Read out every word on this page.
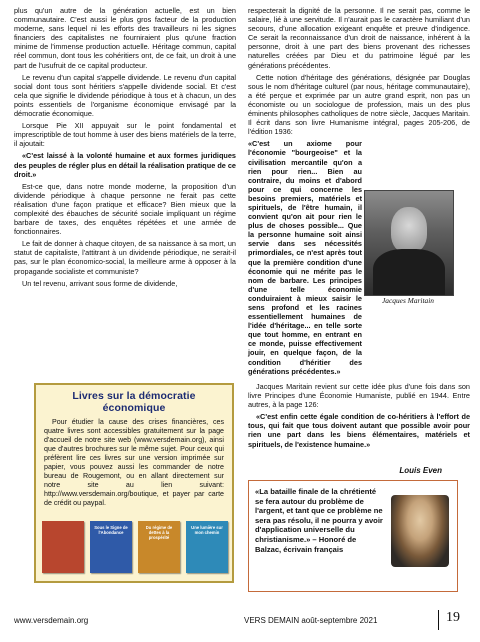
plus qu'un autre de la génération actuelle, est un bien communautaire. C'est aussi le plus gros facteur de la production moderne, sans lequel ni les efforts des travailleurs ni les signes financiers des capitalistes ne fourniraient plus qu'une fraction minime de l'immense production actuelle. Héritage commun, capital réel commun, dont tous les cohéritiers ont, de ce fait, un droit à une part de l'usufruit de ce capital producteur.

Le revenu d'un capital s'appelle dividende. Le revenu d'un capital social dont tous sont héritiers s'appelle dividende social. Et c'est cela que signifie le dividende périodique à tous et à chacun, un des points essentiels de l'organisme économique envisagé par la démocratie économique.

Lorsque Pie XII appuyait sur le point fondamental et imprescriptible de tout homme à user des biens matériels de la terre, il ajoutait:

«C'est laissé à la volonté humaine et aux formes juridiques des peuples de régler plus en détail la réalisation pratique de ce droit.»

Est-ce que, dans notre monde moderne, la proposition d'un dividende périodique à chaque personne ne ferait pas cette réalisation d'une façon pratique et efficace? Bien mieux que la complexité des ébauches de sécurité sociale impliquant un régime barbare de taxes, des enquêtes répétées et une armée de fonctionnaires.

Le fait de donner à chaque citoyen, de sa naissance à sa mort, un statut de capitaliste, l'attitrant à un dividende périodique, ne serait-il pas, sur le plan économico-social, la meilleure arme à opposer à la propagande socialiste et communiste?

Un tel revenu, arrivant sous forme de dividende,

Livres sur la démocratie économique

Pour étudier la cause des crises financières, ces quatre livres sont accessibles gratuitement sur la page d'accueil de notre site web (www.versdemain.org), ainsi que d'autres brochures sur le même sujet. Pour ceux qui préfèrent lire ces livres sur une version imprimée sur papier, vous pouvez aussi les commander de notre bureau de Rougemont, ou en allant directement sur notre site au lien suivant: http://www.versdemain.org/boutique, et payer par carte de crédit ou paypal.

Sous le Signe de l'Abondance
Du régime de dettes à la prospérité
Une lumière sur mon chemin

respecterait la dignité de la personne. Il ne serait pas, comme le salaire, lié à une servitude. Il n'aurait pas le caractère humiliant d'un secours, d'une allocation exigeant enquête et preuve d'indigence. Ce serait la reconnaissance d'un droit de naissance, inhérent à la personne, droit à une part des biens provenant des richesses naturelles créées par Dieu et du patrimoine légué par les générations précédentes.

Cette notion d'héritage des générations, désignée par Douglas sous le nom d'héritage culturel (par nous, héritage communautaire), a été perçue et exprimée par un autre grand esprit, non pas un économiste ou un sociologue de profession, mais un des plus éminents philosophes catholiques de notre siècle, Jacques Maritain. Il écrit dans son livre Humanisme intégral, pages 205-206, de l'édition 1936:

«C'est un axiome pour l'économie "bourgeoise" et la civilisation mercantile qu'on a rien pour rien... Bien au contraire, du moins et d'abord pour ce qui concerne les besoins premiers, matériels et spirituels, de l'être humain, il convient qu'on ait pour rien le plus de choses possible... Que la personne humaine soit ainsi servie dans ses nécessités primordiales, ce n'est après tout que la première condition d'une économie qui ne mérite pas le nom de barbare. Les principes d'une telle économie conduiraient à mieux saisir le sens profond et les racines essentiellement humaines de l'idée d'héritage... en telle sorte que tout homme, en entrant en ce monde, puisse effectivement jouir, en quelque façon, de la condition d'héritier des générations précédentes.»

Jacques Maritain

Jacques Maritain revient sur cette idée plus d'une fois dans son livre Principes d'une Économie Humaniste, publié en 1944. Entre autres, à la page 126:

«C'est enfin cette égale condition de co-héritiers à l'effort de tous, qui fait que tous doivent autant que possible avoir pour rien une part dans les biens élémentaires, matériels et spirituels, de l'existence humaine.»

Louis Even

«La bataille finale de la chrétienté se fera autour du problème de l'argent, et tant que ce problème ne sera pas résolu, il ne pourra y avoir d'application universelle du christianisme.» – Honoré de Balzac, écrivain français

www.versdemain.org	VERS DEMAIN août-septembre 2021	19
